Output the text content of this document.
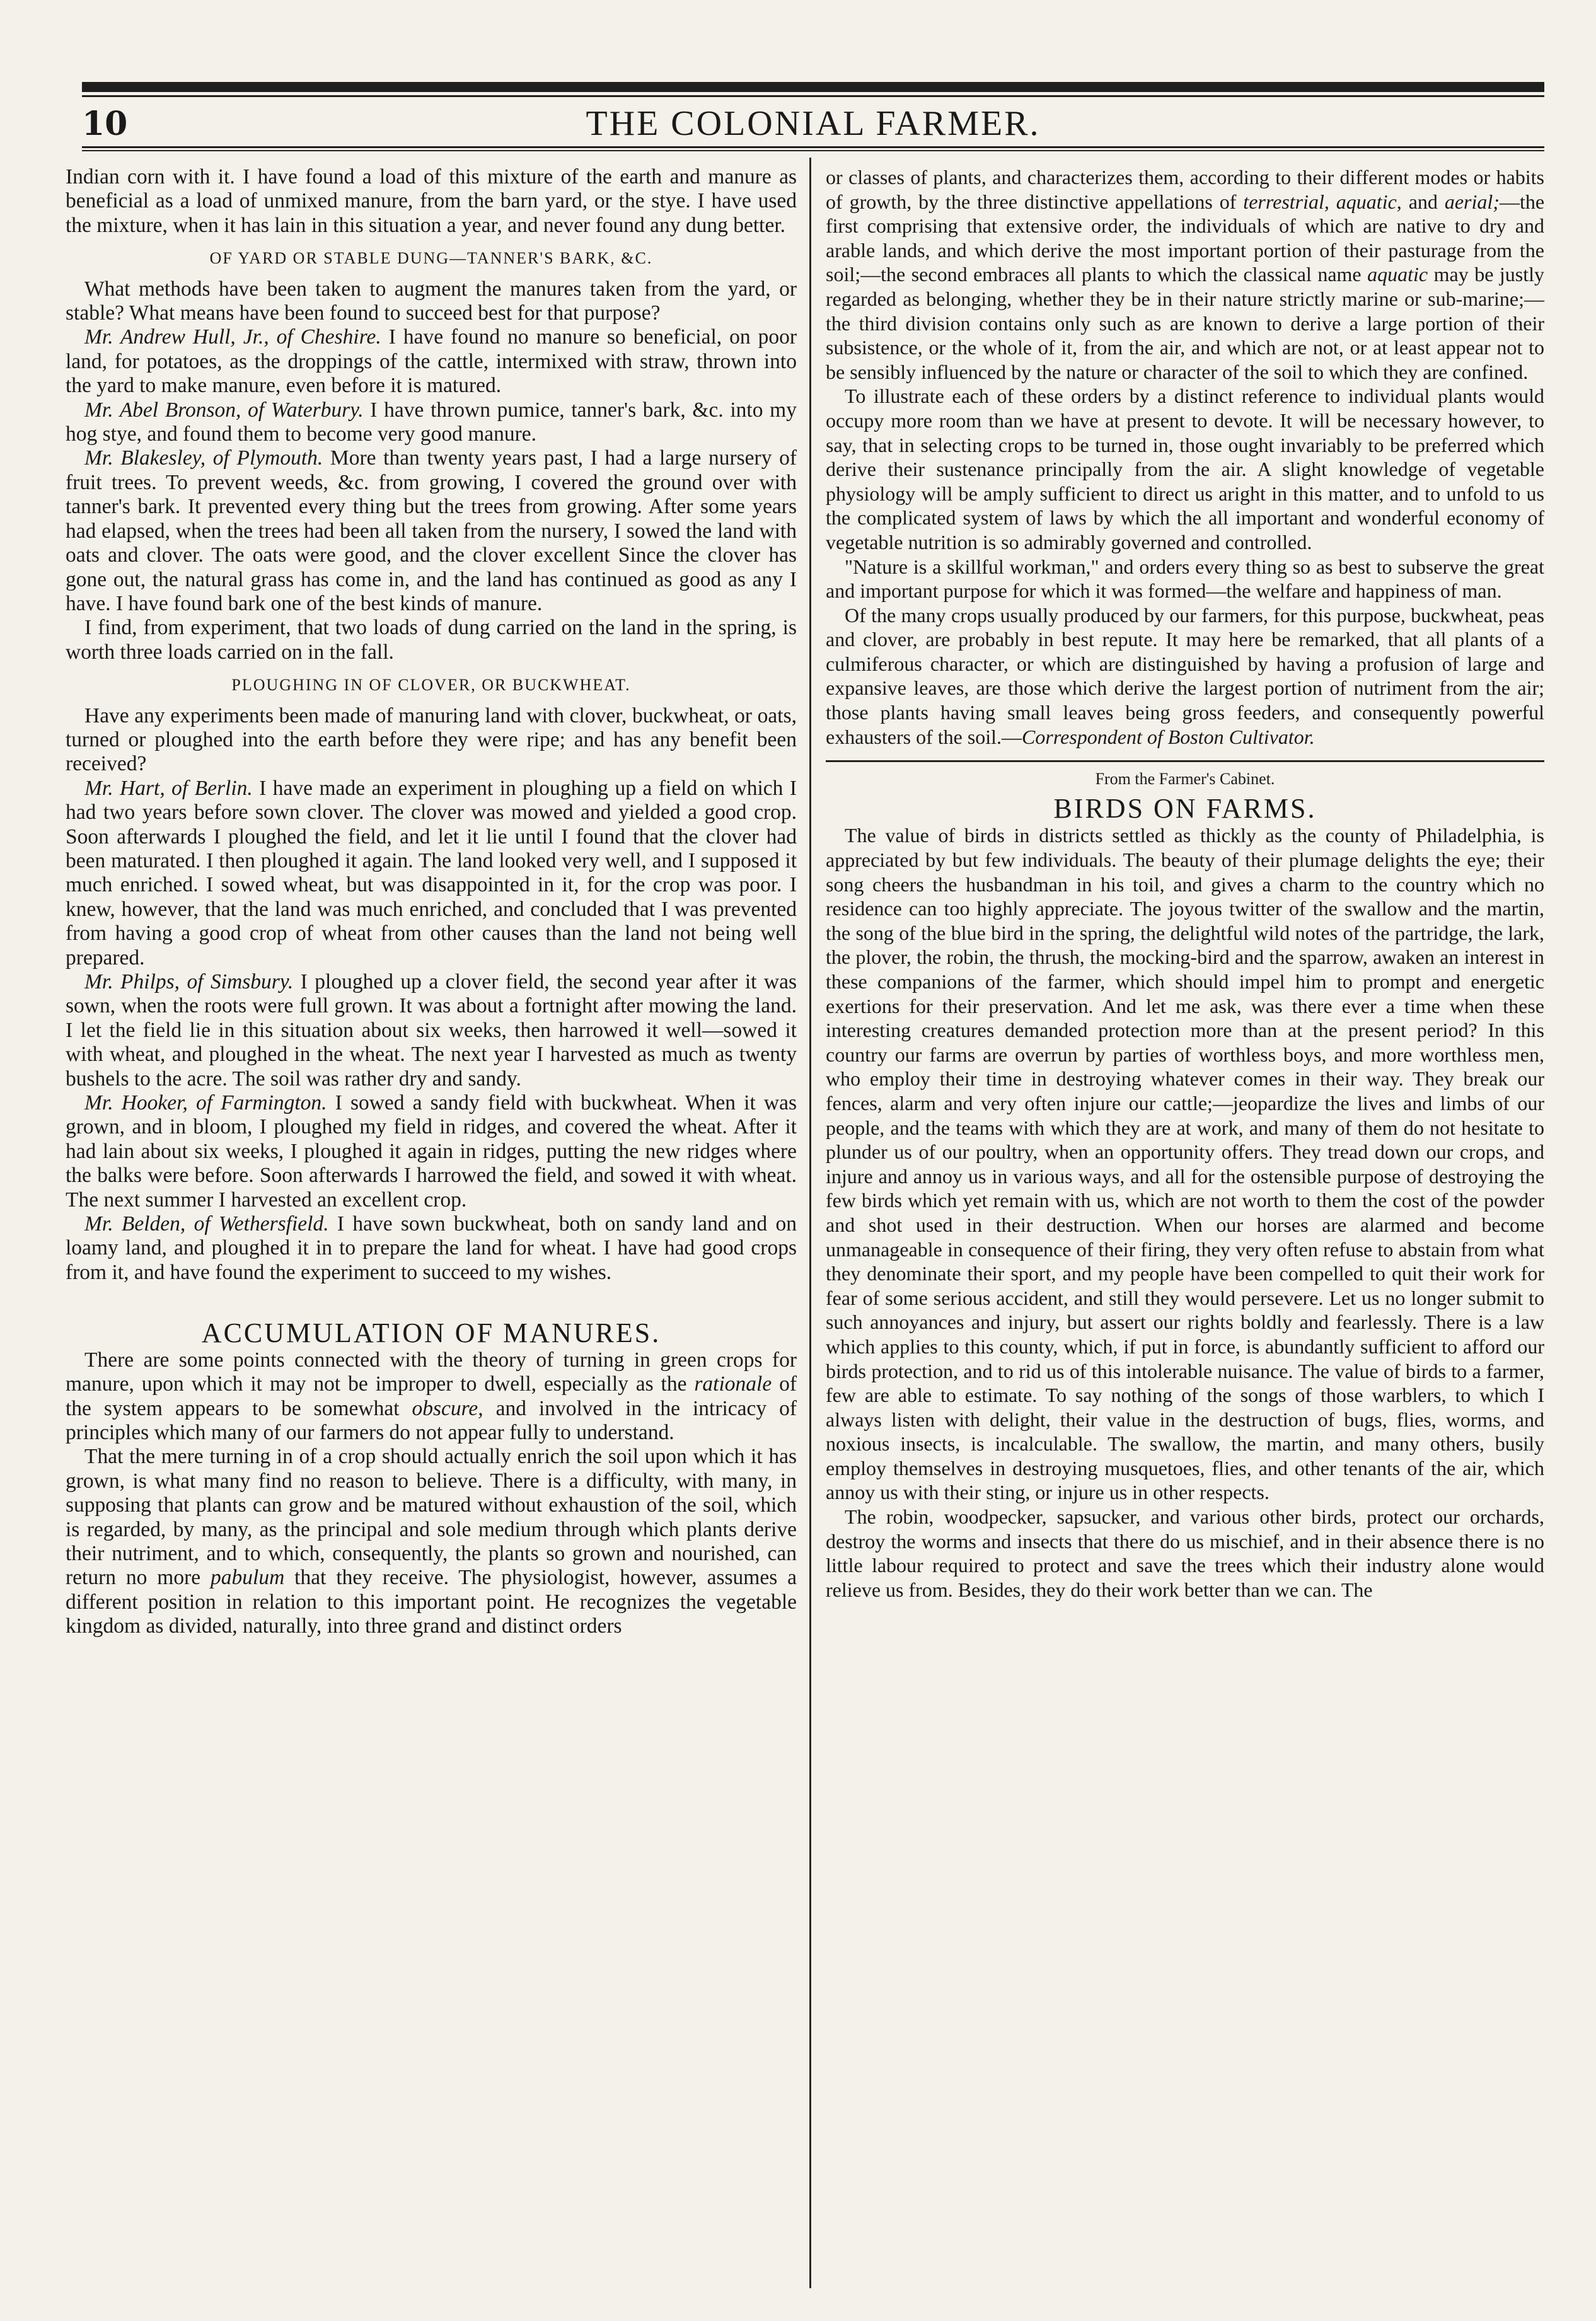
10	THE COLONIAL FARMER.

Indian corn with it. I have found a load of this mixture of the earth and manure as beneficial as a load of unmixed manure, from the barn yard, or the stye. I have used the mixture, when it has lain in this situation a year, and never found any dung better.

OF YARD OR STABLE DUNG—TANNER'S BARK, &C.

What methods have been taken to augment the manures taken from the yard, or stable? What means have been found to succeed best for that purpose?

Mr. Andrew Hull, Jr., of Cheshire. I have found no manure so beneficial, on poor land, for potatoes, as the droppings of the cattle, intermixed with straw, thrown into the yard to make manure, even before it is matured.

Mr. Abel Bronson, of Waterbury. I have thrown pumice, tanner's bark, &c. into my hog stye, and found them to become very good manure.

Mr. Blakesley, of Plymouth. More than twenty years past, I had a large nursery of fruit trees. To prevent weeds, &c. from growing, I covered the ground over with tanner's bark. It prevented every thing but the trees from growing. After some years had elapsed, when the trees had been all taken from the nursery, I sowed the land with oats and clover. The oats were good, and the clover excellent Since the clover has gone out, the natural grass has come in, and the land has continued as good as any I have. I have found bark one of the best kinds of manure.

I find, from experiment, that two loads of dung carried on the land in the spring, is worth three loads carried on in the fall.

PLOUGHING IN OF CLOVER, OR BUCKWHEAT.

Have any experiments been made of manuring land with clover, buckwheat, or oats, turned or ploughed into the earth before they were ripe; and has any benefit been received?

Mr. Hart, of Berlin. I have made an experiment in ploughing up a field on which I had two years before sown clover. The clover was mowed and yielded a good crop. Soon afterwards I ploughed the field, and let it lie until I found that the clover had been maturated. I then ploughed it again. The land looked very well, and I supposed it much enriched. I sowed wheat, but was disappointed in it, for the crop was poor. I knew, however, that the land was much enriched, and concluded that I was prevented from having a good crop of wheat from other causes than the land not being well prepared.

Mr. Philps, of Simsbury. I ploughed up a clover field, the second year after it was sown, when the roots were full grown. It was about a fortnight after mowing the land. I let the field lie in this situation about six weeks, then harrowed it well—sowed it with wheat, and ploughed in the wheat. The next year I harvested as much as twenty bushels to the acre. The soil was rather dry and sandy.

Mr. Hooker, of Farmington. I sowed a sandy field with buckwheat. When it was grown, and in bloom, I ploughed my field in ridges, and covered the wheat. After it had lain about six weeks, I ploughed it again in ridges, putting the new ridges where the balks were before. Soon afterwards I harrowed the field, and sowed it with wheat. The next summer I harvested an excellent crop.

Mr. Belden, of Wethersfield. I have sown buckwheat, both on sandy land and on loamy land, and ploughed it in to prepare the land for wheat. I have had good crops from it, and have found the experiment to succeed to my wishes.

ACCUMULATION OF MANURES.

There are some points connected with the theory of turning in green crops for manure, upon which it may not be improper to dwell, especially as the rationale of the system appears to be somewhat obscure, and involved in the intricacy of principles which many of our farmers do not appear fully to understand.

That the mere turning in of a crop should actually enrich the soil upon which it has grown, is what many find no reason to believe. There is a difficulty, with many, in supposing that plants can grow and be matured without exhaustion of the soil, which is regarded, by many, as the principal and sole medium through which plants derive their nutriment, and to which, consequently, the plants so grown and nourished, can return no more pabulum that they receive. The physiologist, however, assumes a different position in relation to this important point. He recognizes the vegetable kingdom as divided, naturally, into three grand and distinct orders

or classes of plants, and characterizes them, according to their different modes or habits of growth, by the three distinctive appellations of terrestrial, aquatic, and aerial;—the first comprising that extensive order, the individuals of which are native to dry and arable lands, and which derive the most important portion of their pasturage from the soil;—the second embraces all plants to which the classical name aquatic may be justly regarded as belonging, whether they be in their nature strictly marine or sub-marine;—the third division contains only such as are known to derive a large portion of their subsistence, or the whole of it, from the air, and which are not, or at least appear not to be sensibly influenced by the nature or character of the soil to which they are confined.

To illustrate each of these orders by a distinct reference to individual plants would occupy more room than we have at present to devote. It will be necessary however, to say, that in selecting crops to be turned in, those ought invariably to be preferred which derive their sustenance principally from the air. A slight knowledge of vegetable physiology will be amply sufficient to direct us aright in this matter, and to unfold to us the complicated system of laws by which the all important and wonderful economy of vegetable nutrition is so admirably governed and controlled.

"Nature is a skillful workman," and orders every thing so as best to subserve the great and important purpose for which it was formed—the welfare and happiness of man.

Of the many crops usually produced by our farmers, for this purpose, buckwheat, peas and clover, are probably in best repute. It may here be remarked, that all plants of a culmiferous character, or which are distinguished by having a profusion of large and expansive leaves, are those which derive the largest portion of nutriment from the air; those plants having small leaves being gross feeders, and consequently powerful exhausters of the soil.—Correspondent of Boston Cultivator.

From the Farmer's Cabinet.
BIRDS ON FARMS.

The value of birds in districts settled as thickly as the county of Philadelphia, is appreciated by but few individuals. The beauty of their plumage delights the eye; their song cheers the husbandman in his toil, and gives a charm to the country which no residence can too highly appreciate. The joyous twitter of the swallow and the martin, the song of the blue bird in the spring, the delightful wild notes of the partridge, the lark, the plover, the robin, the thrush, the mocking-bird and the sparrow, awaken an interest in these companions of the farmer, which should impel him to prompt and energetic exertions for their preservation. And let me ask, was there ever a time when these interesting creatures demanded protection more than at the present period? In this country our farms are overrun by parties of worthless boys, and more worthless men, who employ their time in destroying whatever comes in their way. They break our fences, alarm and very often injure our cattle;—jeopardize the lives and limbs of our people, and the teams with which they are at work, and many of them do not hesitate to plunder us of our poultry, when an opportunity offers. They tread down our crops, and injure and annoy us in various ways, and all for the ostensible purpose of destroying the few birds which yet remain with us, which are not worth to them the cost of the powder and shot used in their destruction. When our horses are alarmed and become unmanageable in consequence of their firing, they very often refuse to abstain from what they denominate their sport, and my people have been compelled to quit their work for fear of some serious accident, and still they would persevere. Let us no longer submit to such annoyances and injury, but assert our rights boldly and fearlessly. There is a law which applies to this county, which, if put in force, is abundantly sufficient to afford our birds protection, and to rid us of this intolerable nuisance. The value of birds to a farmer, few are able to estimate. To say nothing of the songs of those warblers, to which I always listen with delight, their value in the destruction of bugs, flies, worms, and noxious insects, is incalculable. The swallow, the martin, and many others, busily employ themselves in destroying musquetoes, flies, and other tenants of the air, which annoy us with their sting, or injure us in other respects.

The robin, woodpecker, sapsucker, and various other birds, protect our orchards, destroy the worms and insects that there do us mischief, and in their absence there is no little labour required to protect and save the trees which their industry alone would relieve us from. Besides, they do their work better than we can. The
